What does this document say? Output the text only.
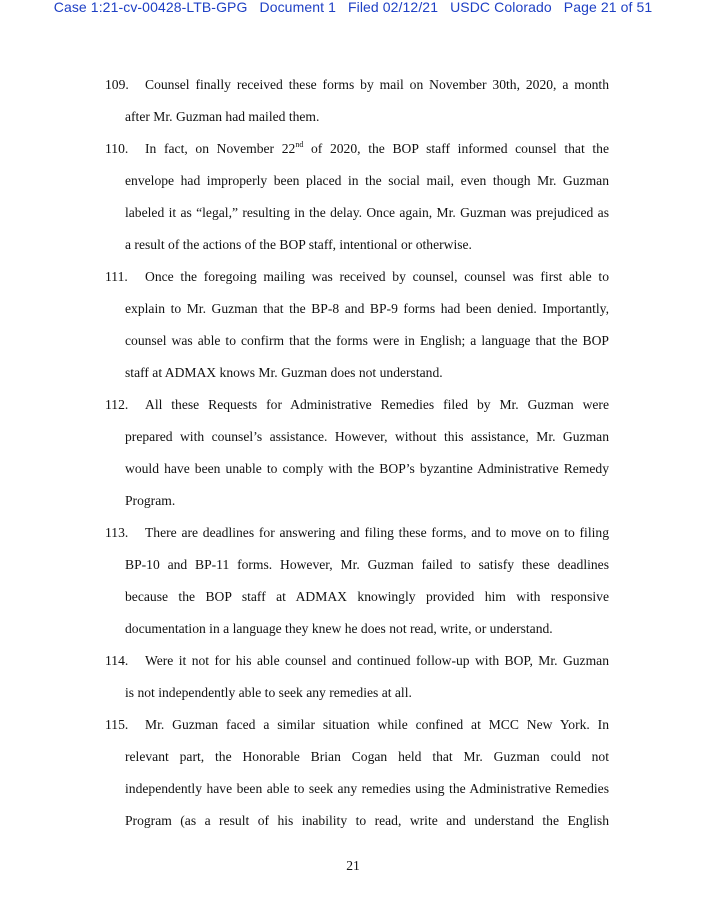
Case 1:21-cv-00428-LTB-GPG Document 1 Filed 02/12/21 USDC Colorado Page 21 of 51
109. Counsel finally received these forms by mail on November 30th, 2020, a month
after Mr. Guzman had mailed them.
110. In fact, on November 22nd of 2020, the BOP staff informed counsel that the
envelope had improperly been placed in the social mail, even though Mr. Guzman
labeled it as “legal,” resulting in the delay. Once again, Mr. Guzman was prejudiced as
a result of the actions of the BOP staff, intentional or otherwise.
111. Once the foregoing mailing was received by counsel, counsel was first able to
explain to Mr. Guzman that the BP-8 and BP-9 forms had been denied. Importantly,
counsel was able to confirm that the forms were in English; a language that the BOP
staff at ADMAX knows Mr. Guzman does not understand.
112. All these Requests for Administrative Remedies filed by Mr. Guzman were
prepared with counsel’s assistance. However, without this assistance, Mr. Guzman
would have been unable to comply with the BOP’s byzantine Administrative Remedy
Program.
113. There are deadlines for answering and filing these forms, and to move on to filing
BP-10 and BP-11 forms. However, Mr. Guzman failed to satisfy these deadlines
because the BOP staff at ADMAX knowingly provided him with responsive
documentation in a language they knew he does not read, write, or understand.
114. Were it not for his able counsel and continued follow-up with BOP, Mr. Guzman
is not independently able to seek any remedies at all.
115. Mr. Guzman faced a similar situation while confined at MCC New York. In
relevant part, the Honorable Brian Cogan held that Mr. Guzman could not
independently have been able to seek any remedies using the Administrative Remedies
Program (as a result of his inability to read, write and understand the English
21
